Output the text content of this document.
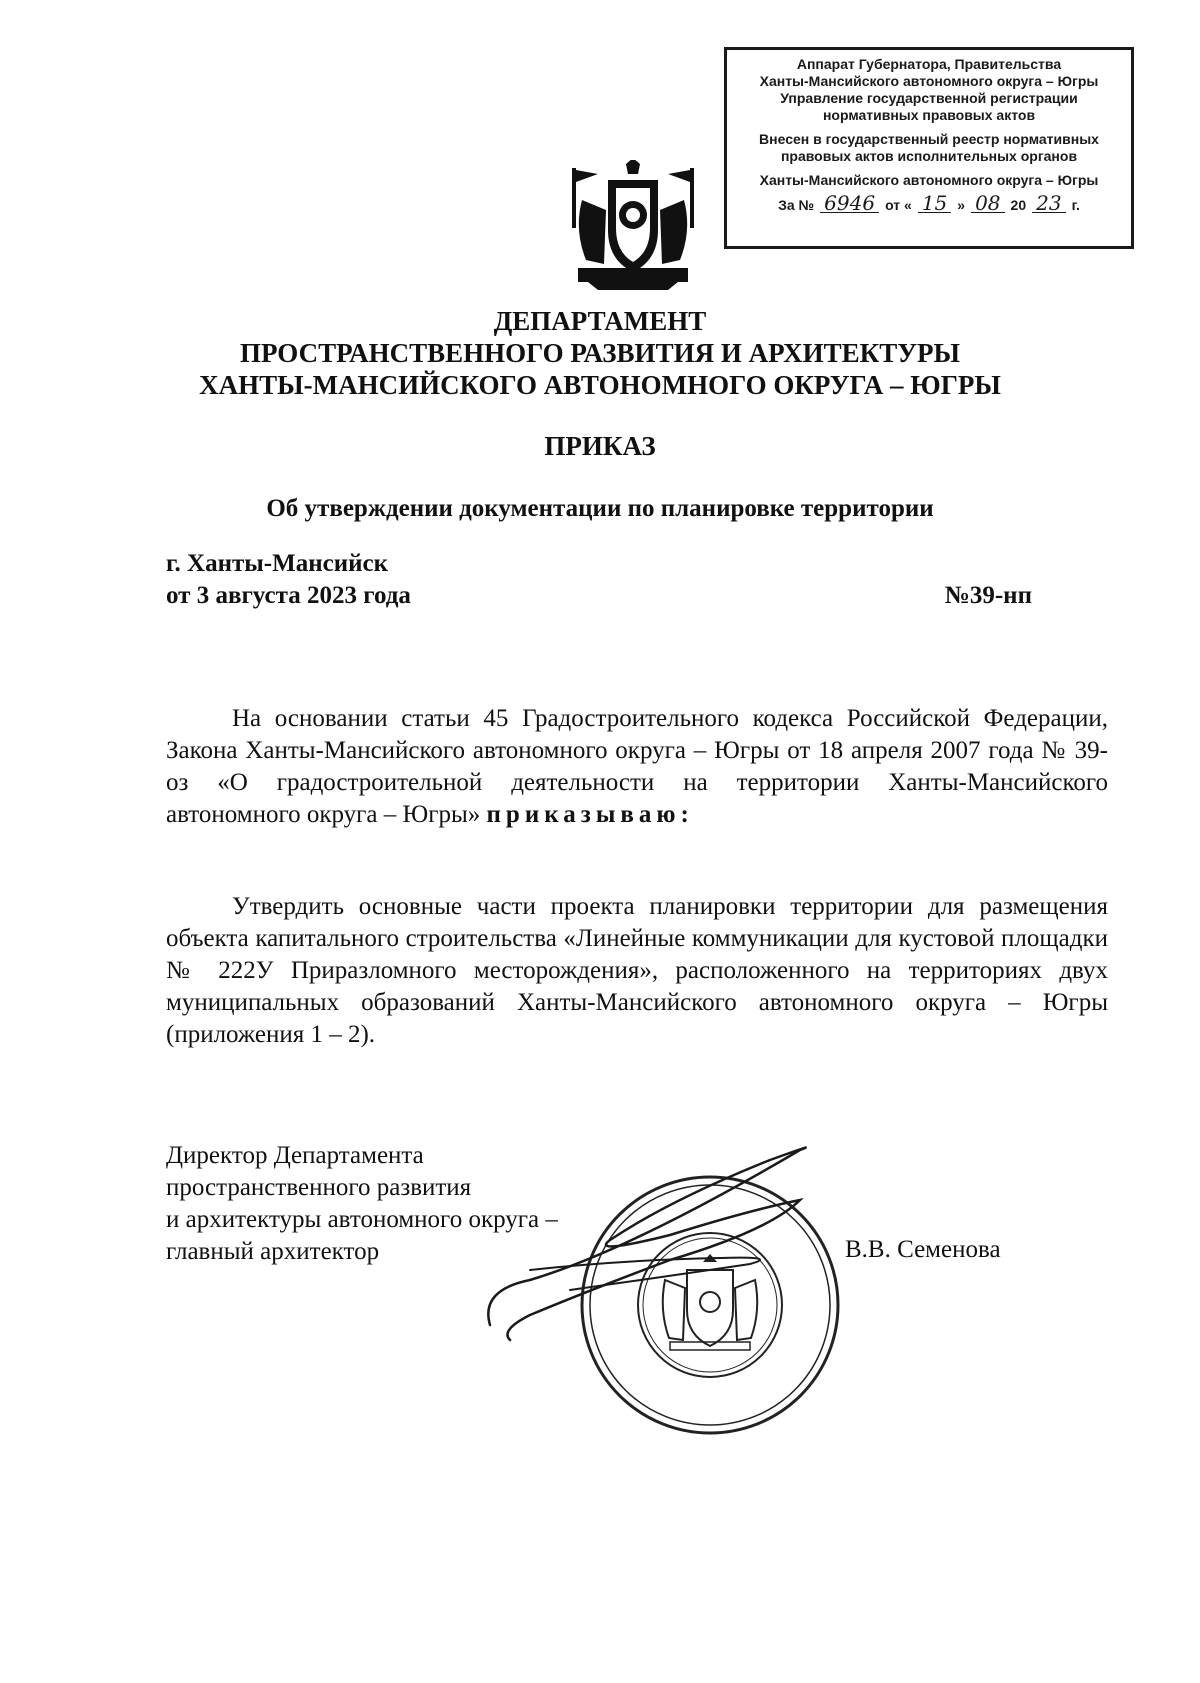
Аппарат Губернатора, Правительства
Ханты-Мансийского автономного округа – Югры
Управление государственной регистрации
нормативных правовых актов
Внесен в государственный реестр нормативных
правовых актов исполнительных органов
Ханты-Мансийского автономного округа – Югры
За № 6946 от « 15 » 08 20 23 г.
ДЕПАРТАМЕНТ
ПРОСТРАНСТВЕННОГО РАЗВИТИЯ И АРХИТЕКТУРЫ
ХАНТЫ-МАНСИЙСКОГО АВТОНОМНОГО ОКРУГА – ЮГРЫ
ПРИКАЗ
Об утверждении документации по планировке территории
г. Ханты-Мансийск
от 3 августа 2023 года	№39-нп
На основании статьи 45 Градостроительного кодекса Российской Федерации, Закона Ханты-Мансийского автономного округа – Югры от 18 апреля 2007 года № 39-оз «О градостроительной деятельности на территории Ханты-Мансийского автономного округа – Югры» приказываю:
Утвердить основные части проекта планировки территории для размещения объекта капитального строительства «Линейные коммуникации для кустовой площадки № 222У Приразломного месторождения», расположенного на территориях двух муниципальных образований Ханты-Мансийского автономного округа – Югры (приложения 1 – 2).
Директор Департамента
пространственного развития
и архитектуры автономного округа –
главный архитектор	В.В. Семенова
